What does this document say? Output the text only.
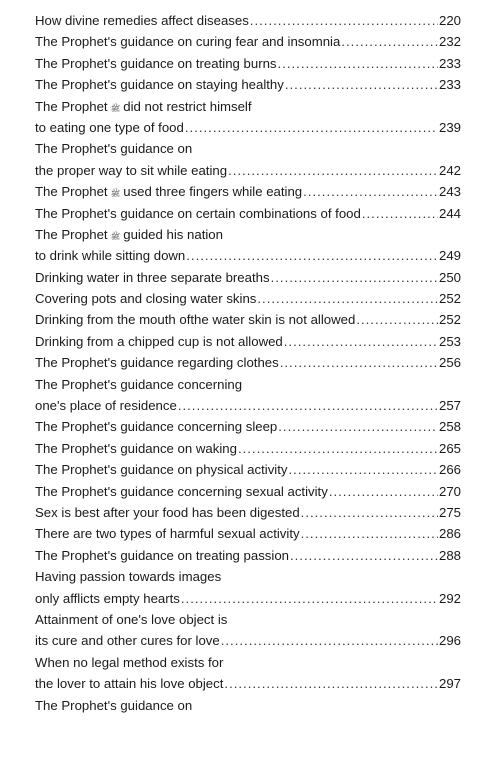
How divine remedies affect diseases .....	220
The Prophet's guidance on curing fear and insomnia .....	232
The Prophet's guidance on treating burns .....	233
The Prophet's guidance on staying healthy .....	233
The Prophet ﷺ did not restrict himself
to eating one type of food .....	239
The Prophet's guidance on
the proper way to sit while eating .....	242
The Prophet ﷺ used three fingers while eating .....	243
The Prophet's guidance on certain combinations of food .....	244
The Prophet ﷺ guided his nation
to drink while sitting down .....	249
Drinking water in three separate breaths .....	250
Covering pots and closing water skins .....	252
Drinking from the mouth ofthe water skin is not allowed .....	252
Drinking from a chipped cup is not allowed .....	253
The Prophet's guidance regarding clothes .....	256
The Prophet's guidance concerning
one's place of residence .....	257
The Prophet's guidance concerning sleep .....	258
The Prophet's guidance on waking .....	265
The Prophet's guidance on physical activity .....	266
The Prophet's guidance concerning sexual activity .....	270
Sex is best after your food has been digested .....	275
There are two types of harmful sexual activity .....	286
The Prophet's guidance on treating passion .....	288
Having passion towards images
only afflicts empty hearts .....	292
Attainment of one's love object is
its cure and other cures for love .....	296
When no legal method exists for
the lover to attain his love object .....	297
The Prophet's guidance on
